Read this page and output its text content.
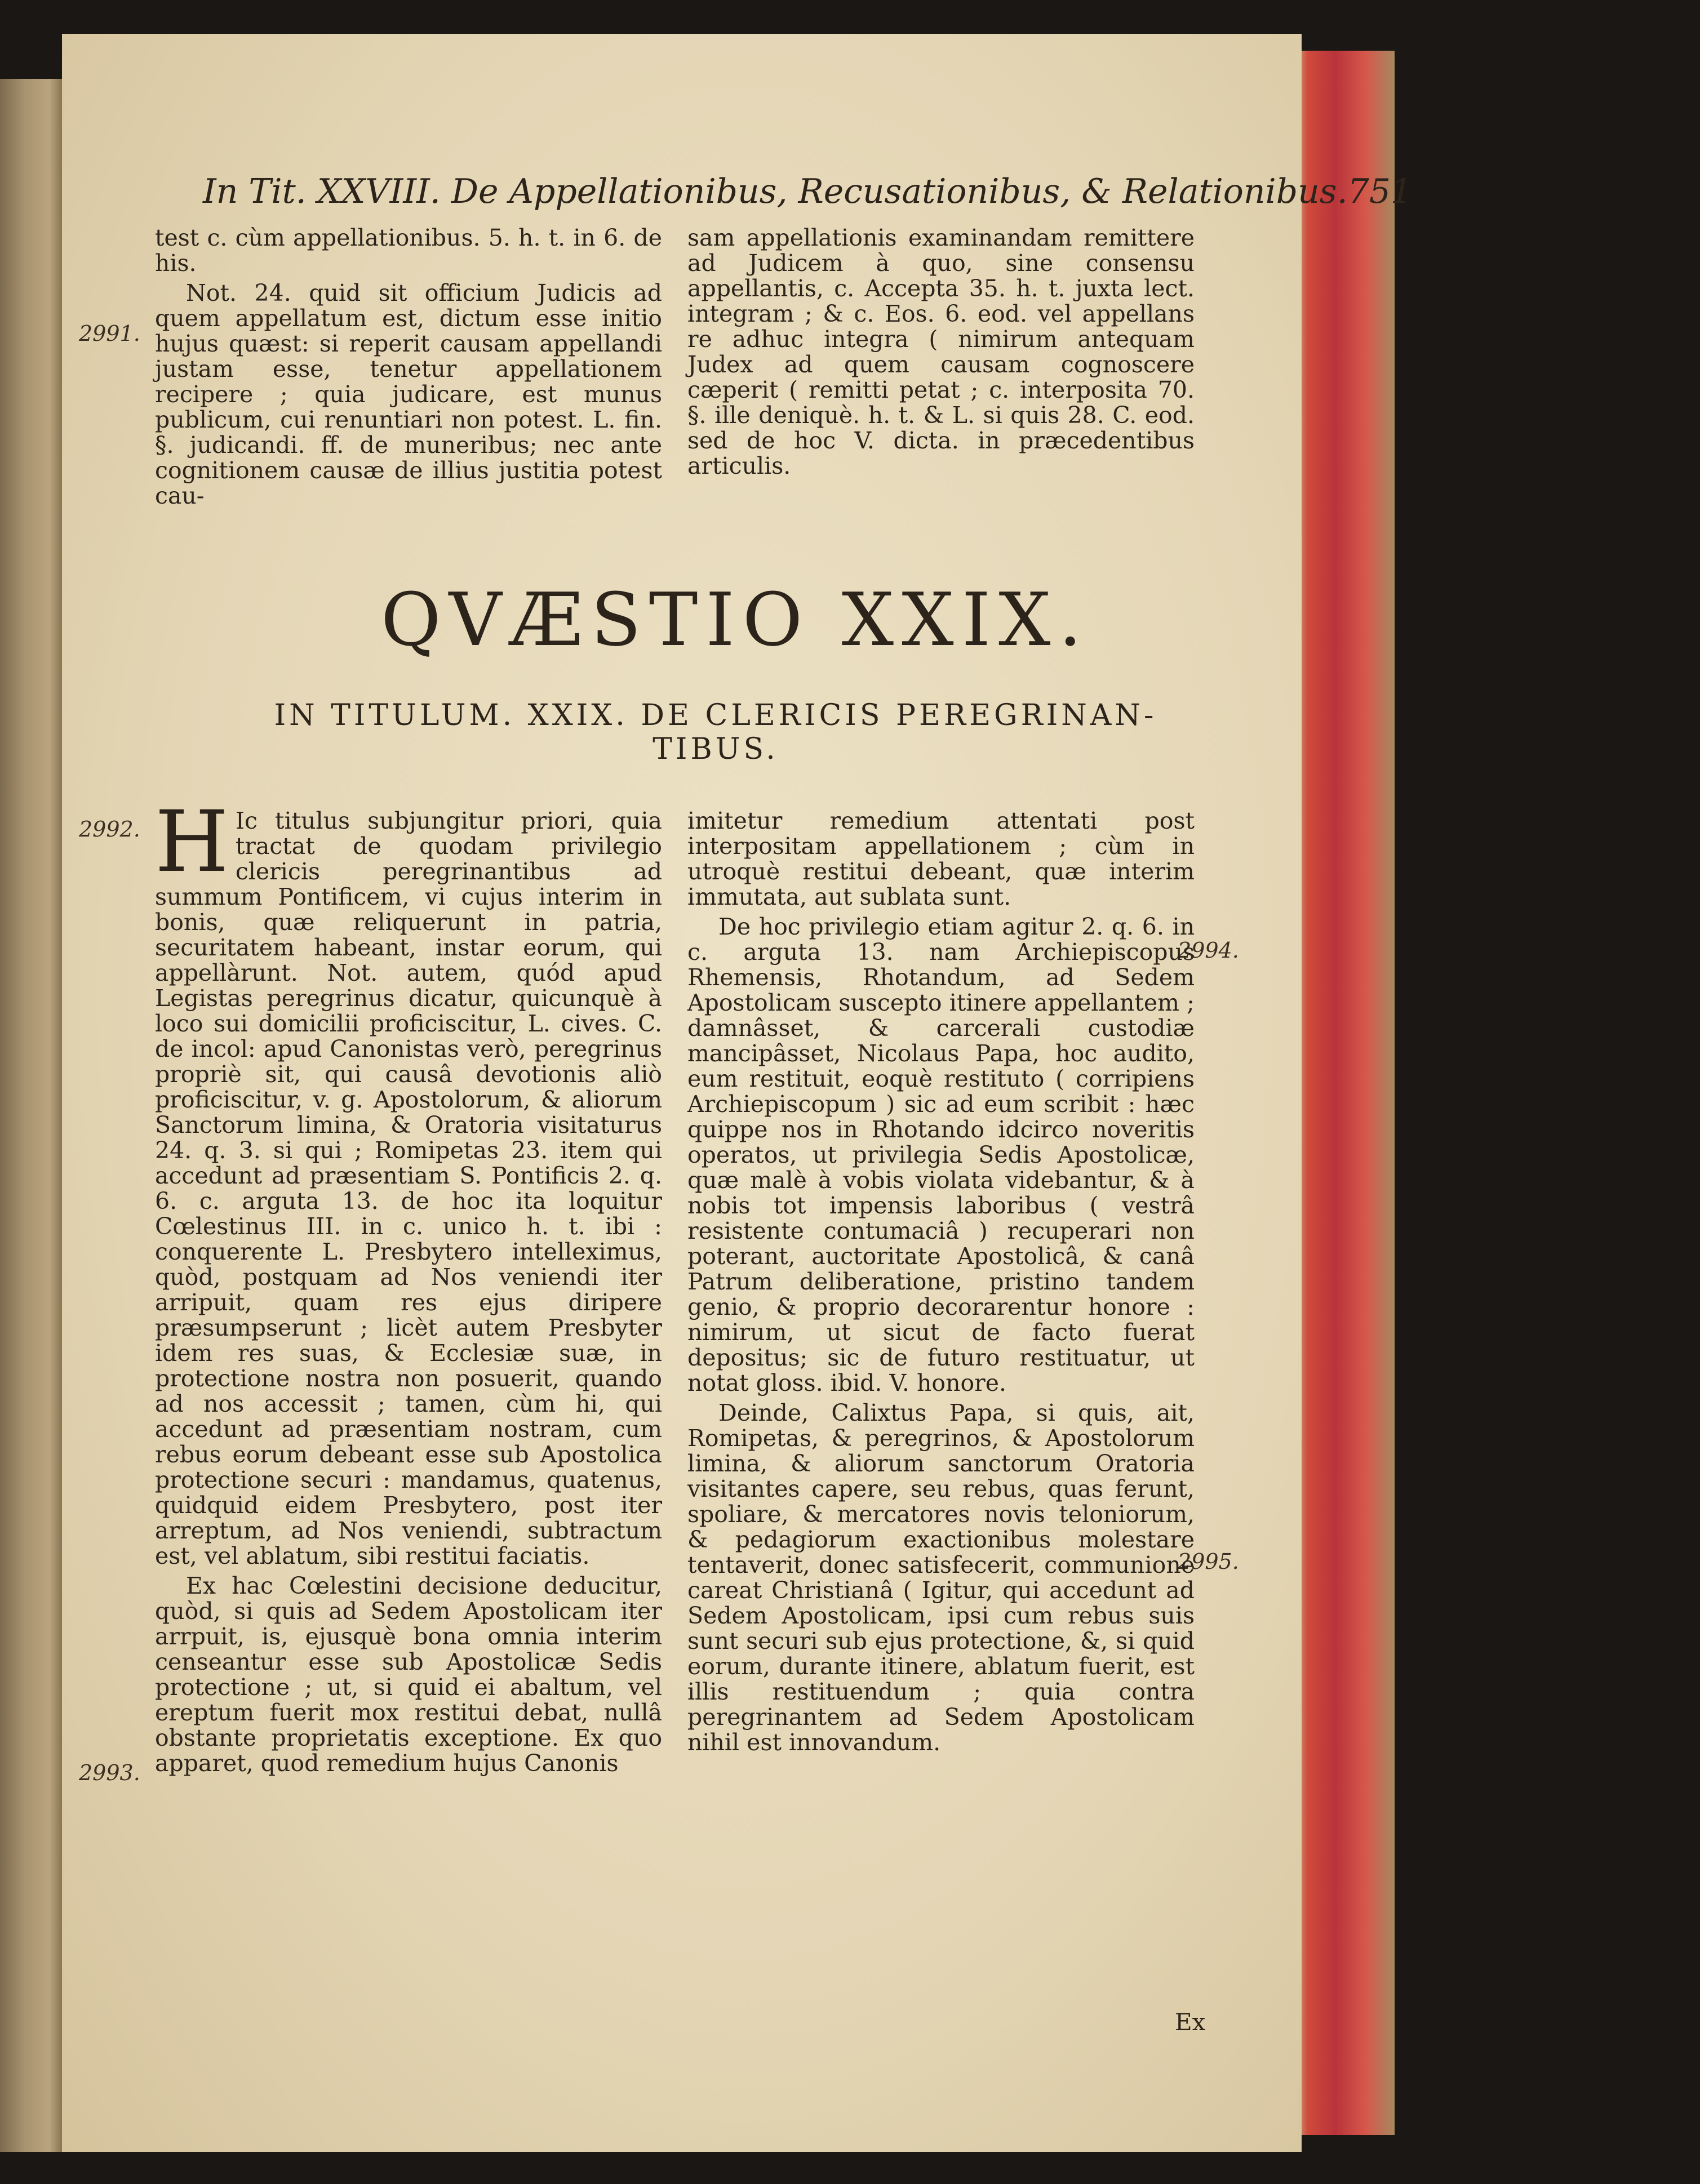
In Tit. XXVIII. De Appellationibus, Recusationibus, & Relationibus. 751
2991.

test c. cùm appellationibus. 5. h. t. in 6. de his.

Not. 24. quid sit officium Judicis ad quem appellatum est, dictum esse initio hujus quæst: si reperit causam appellandi justam esse, tenetur appellationem recipere ; quia judicare, est munus publicum, cui renuntiari non potest. L. fin. §. judicandi. ff. de muneribus; nec ante cognitionem causæ de illius justitia potest cau-

sam appellationis examinandam remittere ad Judicem à quo, sine consensu appellantis, c. Accepta 35. h. t. juxta lect. integram ; & c. Eos. 6. eod. vel appellans re adhuc integra ( nimirum antequam Judex ad quem causam cognoscere cæperit ( remitti petat ; c. interposita 70. §. ille deniquè. h. t. & L. si quis 28. C. eod. sed de hoc V. dicta. in præcedentibus articulis.

QVÆSTIO XXIX.
IN TITULUM. XXIX. DE CLERICIS PEREGRINAN-
TIBUS.
2992.
2993.

H Ic titulus subjungitur priori, quia tractat de quodam privilegio clericis peregrinantibus ad summum Pontificem, vi cujus interim in bonis, quæ reliquerunt in patria, securitatem habeant, instar eorum, qui appellàrunt. Not. autem, quód apud Legistas peregrinus dicatur, quicunquè à loco sui domicilii proficiscitur, L. cives. C. de incol: apud Canonistas verò, peregrinus propriè sit, qui causâ devotionis aliò proficiscitur, v. g. Apostolorum, & aliorum Sanctorum limina, & Oratoria visitaturus 24. q. 3. si qui ; Romipetas 23. item qui accedunt ad præsentiam S. Pontificis 2. q. 6. c. arguta 13. de hoc ita loquitur Cœlestinus III. in c. unico h. t. ibi : conquerente L. Presbytero intelleximus, quòd, postquam ad Nos veniendi iter arripuit, quam res ejus diripere præsumpserunt ; licèt autem Presbyter idem res suas, & Ecclesiæ suæ, in protectione nostra non posuerit, quando ad nos accessit ; tamen, cùm hi, qui accedunt ad præsentiam nostram, cum rebus eorum debeant esse sub Apostolica protectione securi : mandamus, quatenus, quidquid eidem Presbytero, post iter arreptum, ad Nos veniendi, subtractum est, vel ablatum, sibi restitui faciatis.

Ex hac Cœlestini decisione deducitur, quòd, si quis ad Sedem Apostolicam iter arrpuit, is, ejusquè bona omnia interim censeantur esse sub Apostolicæ Sedis protectione ; ut, si quid ei abaltum, vel ereptum fuerit mox restitui debat, nullâ obstante proprietatis exceptione. Ex quo apparet, quod remedium hujus Canonis

2994.
2995.

imitetur remedium attentati post interpositam appellationem ; cùm in utroquè restitui debeant, quæ interim immutata, aut sublata sunt.

De hoc privilegio etiam agitur 2. q. 6. in c. arguta 13. nam Archiepiscopus Rhemensis, Rhotandum, ad Sedem Apostolicam suscepto itinere appellantem ; damnâsset, & carcerali custodiæ mancipâsset, Nicolaus Papa, hoc audito, eum restituit, eoquè restituto ( corripiens Archiepiscopum ) sic ad eum scribit : hæc quippe nos in Rhotando idcirco noveritis operatos, ut privilegia Sedis Apostolicæ, quæ malè à vobis violata videbantur, & à nobis tot impensis laboribus ( vestrâ resistente contumaciâ ) recuperari non poterant, auctoritate Apostolicâ, & canâ Patrum deliberatione, pristino tandem genio, & proprio decorarentur honore : nimirum, ut sicut de facto fuerat depositus; sic de futuro restituatur, ut notat gloss. ibid. V. honore.

Deinde, Calixtus Papa, si quis, ait, Romipetas, & peregrinos, & Apostolorum limina, & aliorum sanctorum Oratoria visitantes capere, seu rebus, quas ferunt, spoliare, & mercatores novis teloniorum, & pedagiorum exactionibus molestare tentaverit, donec satisfecerit, communione careat Christianâ ( Igitur, qui accedunt ad Sedem Apostolicam, ipsi cum rebus suis sunt securi sub ejus protectione, &, si quid eorum, durante itinere, ablatum fuerit, est illis restituendum ; quia contra peregrinantem ad Sedem Apostolicam nihil est innovandum.

Ex
